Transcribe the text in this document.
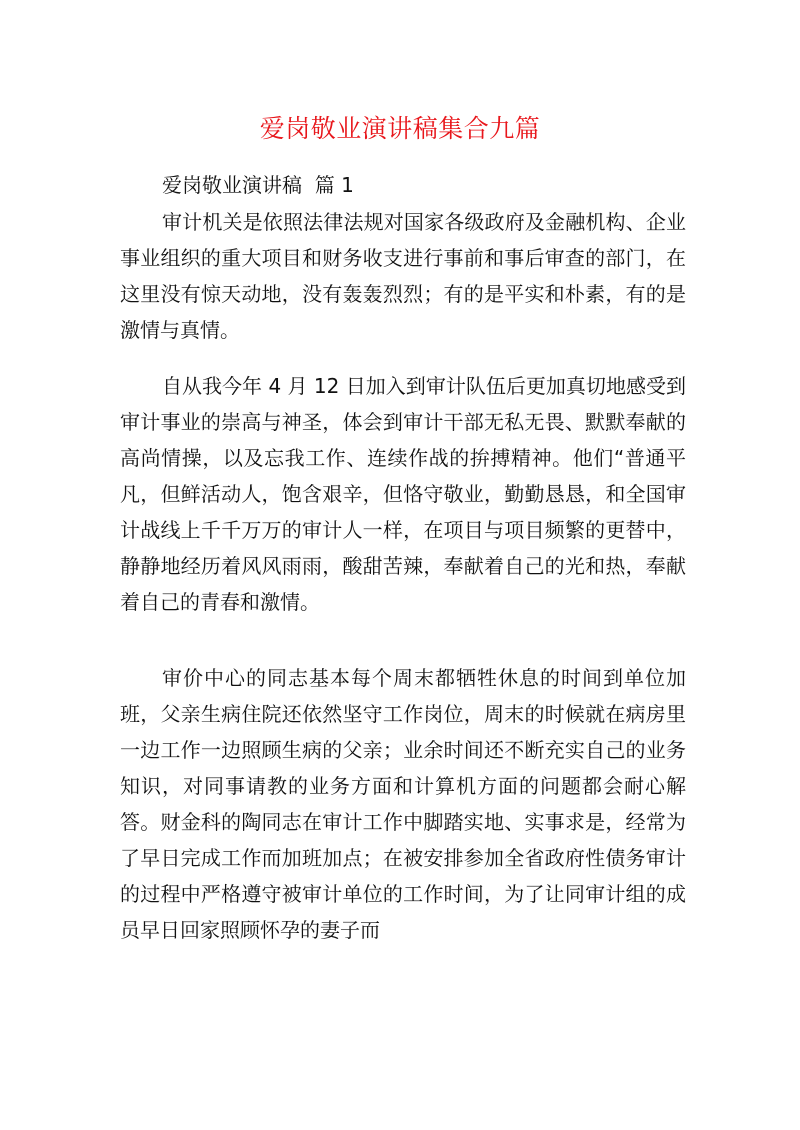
爱岗敬业演讲稿集合九篇
爱岗敬业演讲稿  篇 1

审计机关是依照法律法规对国家各级政府及金融机构、企业事业组织的重大项目和财务收支进行事前和事后审查的部门，在这里没有惊天动地，没有轰轰烈烈；有的是平实和朴素，有的是激情与真情。

自从我今年 4 月 12 日加入到审计队伍后更加真切地感受到审计事业的崇高与神圣，体会到审计干部无私无畏、默默奉献的高尚情操，以及忘我工作、连续作战的拚搏精神。他们“普通平凡，但鲜活动人，饱含艰辛，但恪守敬业，勤勤恳恳，和全国审计战线上千千万万的审计人一样，在项目与项目频繁的更替中，静静地经历着风风雨雨，酸甜苦辣，奉献着自己的光和热，奉献着自己的青春和激情。

审价中心的同志基本每个周末都牺牲休息的时间到单位加班，父亲生病住院还依然坚守工作岗位，周末的时候就在病房里一边工作一边照顾生病的父亲；业余时间还不断充实自己的业务知识，对同事请教的业务方面和计算机方面的问题都会耐心解答。财金科的陶同志在审计工作中脚踏实地、实事求是，经常为了早日完成工作而加班加点；在被安排参加全省政府性债务审计的过程中严格遵守被审计单位的工作时间，为了让同审计组的成员早日回家照顾怀孕的妻子而
